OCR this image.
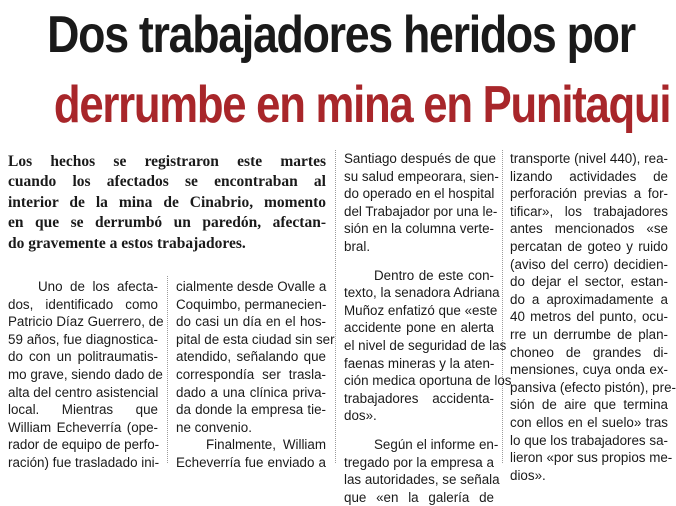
Dos trabajadores heridos por
derrumbe en mina en Punitaqui
Los hechos se registraron este martes
cuando los afectados se encontraban al
interior de la mina de Cinabrio, momento
en que se derrumbó un paredón, afectan-
do gravemente a estos trabajadores.
Uno de los afecta-
dos, identificado como
Patricio Díaz Guerrero, de
59 años, fue diagnostica-
do con un politraumatis-
mo grave, siendo dado de
alta del centro asistencial
local. Mientras que
William Echeverría (ope-
rador de equipo de perfo-
ración) fue trasladado ini-
cialmente desde Ovalle a
Coquimbo, permanecien-
do casi un día en el hos-
pital de esta ciudad sin ser
atendido, señalando que
correspondía ser trasla-
dado a una clínica priva-
da donde la empresa tie-
ne convenio.
Finalmente, William
Echeverría fue enviado a
Santiago después de que
su salud empeorara, sien-
do operado en el hospital
del Trabajador por una le-
sión en la columna verte-
bral.
Dentro de este con-
texto, la senadora Adriana
Muñoz enfatizó que «este
accidente pone en alerta
el nivel de seguridad de las
faenas mineras y la aten-
ción medica oportuna de los
trabajadores accidenta-
dos».
Según el informe en-
tregado por la empresa a
las autoridades, se señala
que «en la galería de
transporte (nivel 440), rea-
lizando actividades de
perforación previas a for-
tificar», los trabajadores
antes mencionados «se
percatan de goteo y ruido
(aviso del cerro) decidien-
do dejar el sector, estan-
do a aproximadamente a
40 metros del punto, ocu-
rre un derrumbe de plan-
choneo de grandes di-
mensiones, cuya onda ex-
pansiva (efecto pistón), pre-
sión de aire que termina
con ellos en el suelo» tras
lo que los trabajadores sa-
lieron «por sus propios me-
dios».
